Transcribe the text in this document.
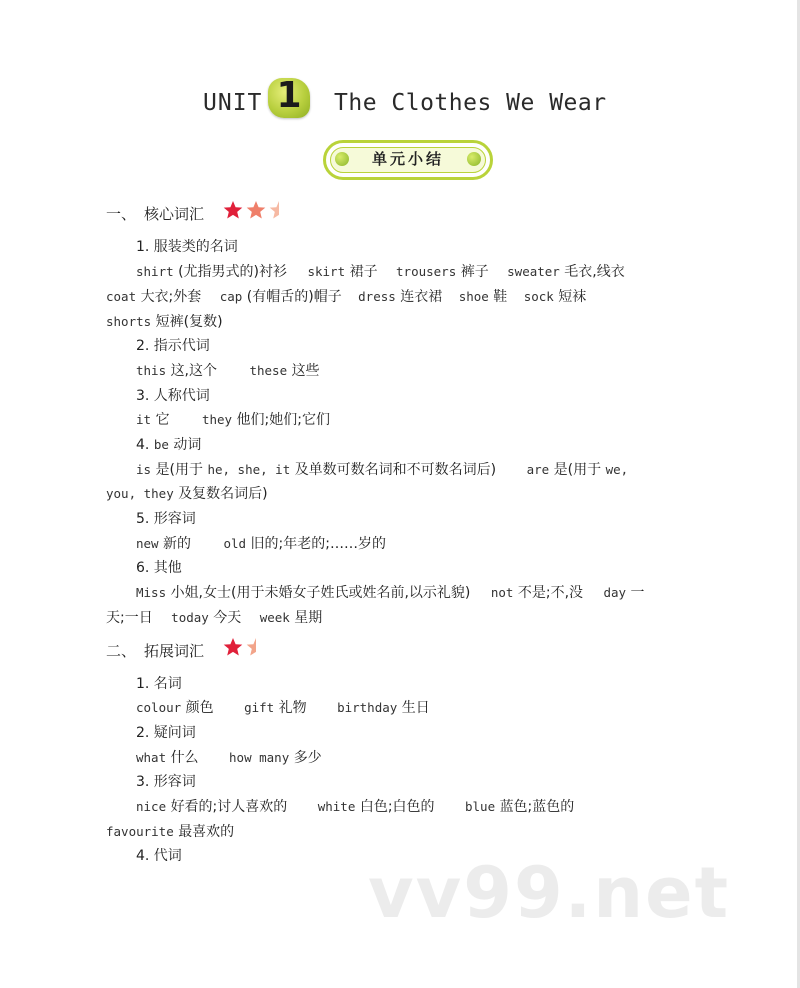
UNIT 1	The Clothes We Wear
单元小结
一、 核心词汇
1. 服装类的名词
shirt (尤指男式的)衬衫 skirt 裙子 trousers 裤子 sweater 毛衣,线衣
coat 大衣;外套 cap (有帽舌的)帽子 dress 连衣裙 shoe 鞋 sock 短袜
shorts 短裤(复数)
2. 指示代词
this 这,这个	these 这些
3. 人称代词
it 它	they 他们;她们;它们
4. be 动词
is 是(用于 he, she, it 及单数可数名词和不可数名词后) are 是(用于 we,
you, they 及复数名词后)
5. 形容词
new 新的	old 旧的;年老的;……岁的
6. 其他
Miss 小姐,女士(用于未婚女子姓氏或姓名前,以示礼貌) not 不是;不,没 day 一
天;一日 today 今天 week 星期
二、 拓展词汇
1. 名词
colour 颜色 gift 礼物 birthday 生日
2. 疑问词
what 什么 how many 多少
3. 形容词
nice 好看的;讨人喜欢的 white 白色;白色的 blue 蓝色;蓝色的
favourite 最喜欢的
4. 代词	vv99.net
